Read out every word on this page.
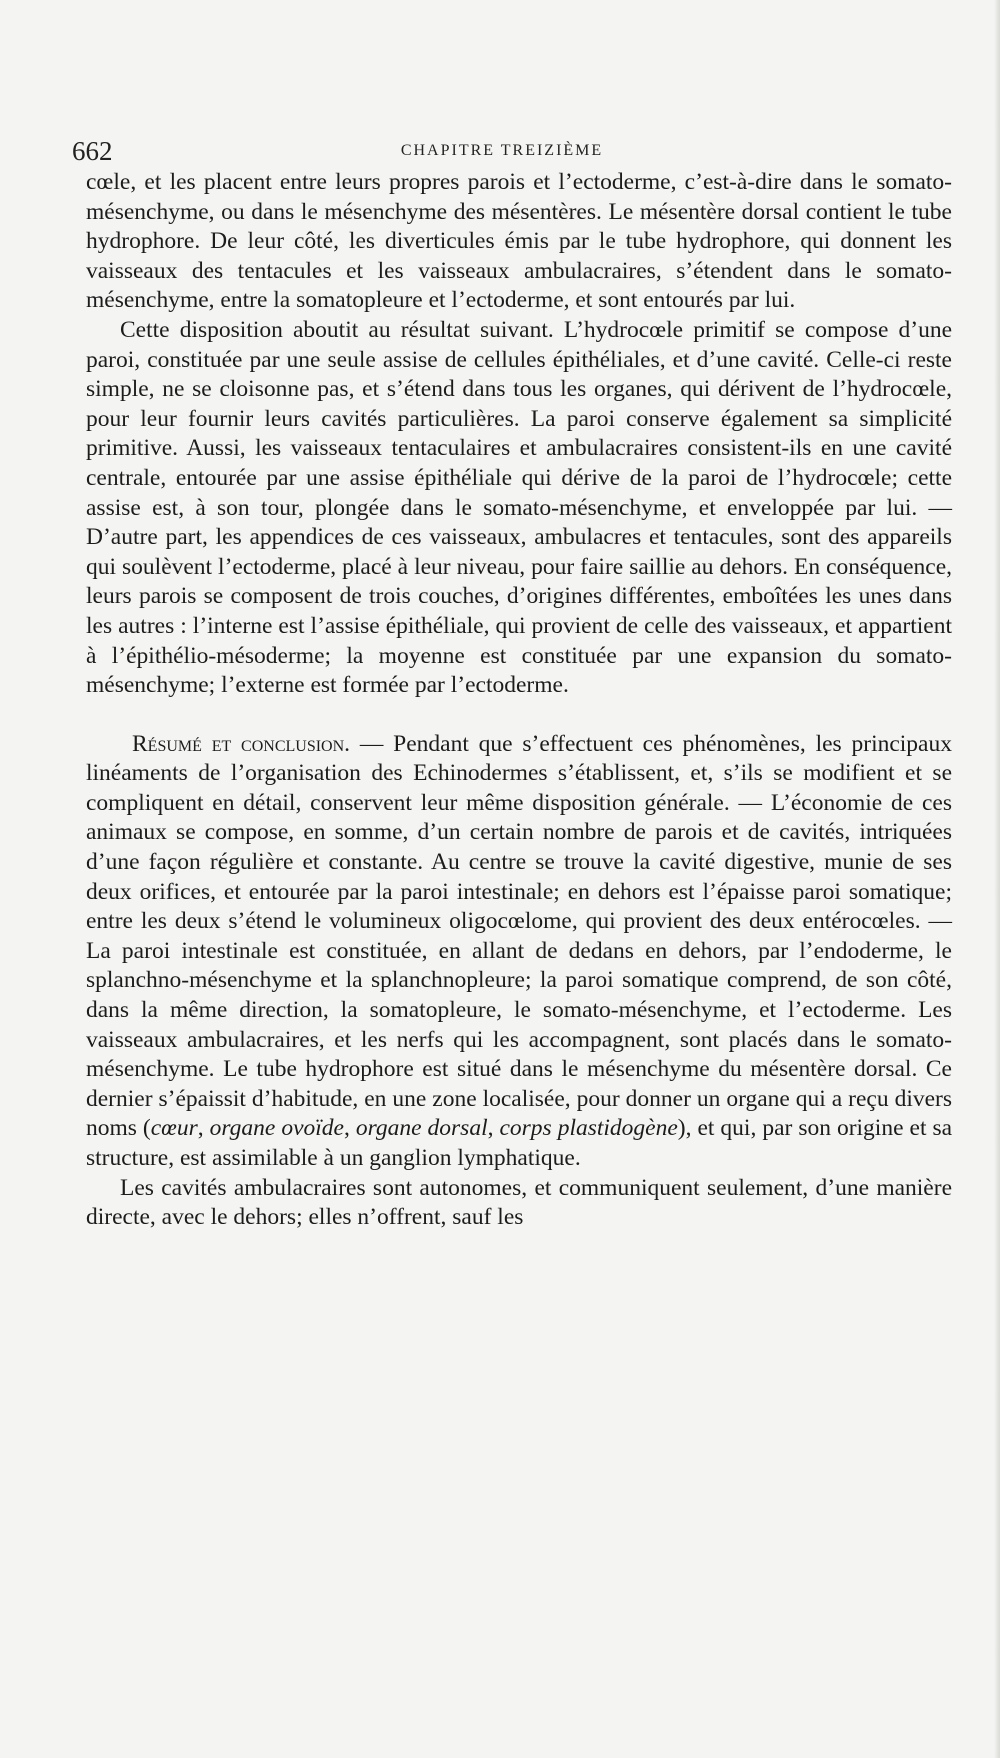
662	CHAPITRE TREIZIÈME

cœle, et les placent entre leurs propres parois et l’ectoderme, c’est-à-dire dans le somato-mésenchyme, ou dans le mésenchyme des mésentères. Le mésentère dorsal contient le tube hydrophore. De leur côté, les diverticules émis par le tube hydrophore, qui donnent les vaisseaux des tentacules et les vaisseaux ambulacraires, s’étendent dans le somato-mésenchyme, entre la somatopleure et l’ectoderme, et sont entourés par lui.

Cette disposition aboutit au résultat suivant. L’hydrocœle primitif se compose d’une paroi, constituée par une seule assise de cellules épithéliales, et d’une cavité. Celle-ci reste simple, ne se cloisonne pas, et s’étend dans tous les organes, qui dérivent de l’hydrocœle, pour leur fournir leurs cavités particulières. La paroi conserve également sa simplicité primitive. Aussi, les vaisseaux tentaculaires et ambulacraires consistent-ils en une cavité centrale, entourée par une assise épithéliale qui dérive de la paroi de l’hydrocœle; cette assise est, à son tour, plongée dans le somato-mésenchyme, et enveloppée par lui. — D’autre part, les appendices de ces vaisseaux, ambulacres et tentacules, sont des appareils qui soulèvent l’ectoderme, placé à leur niveau, pour faire saillie au dehors. En conséquence, leurs parois se composent de trois couches, d’origines différentes, emboîtées les unes dans les autres : l’interne est l’assise épithéliale, qui provient de celle des vaisseaux, et appartient à l’épithélio-mésoderme; la moyenne est constituée par une expansion du somato-mésenchyme; l’externe est formée par l’ectoderme.

Résumé et conclusion. — Pendant que s’effectuent ces phénomènes, les principaux linéaments de l’organisation des Echinodermes s’établissent, et, s’ils se modifient et se compliquent en détail, conservent leur même disposition générale. — L’économie de ces animaux se compose, en somme, d’un certain nombre de parois et de cavités, intriquées d’une façon régulière et constante. Au centre se trouve la cavité digestive, munie de ses deux orifices, et entourée par la paroi intestinale; en dehors est l’épaisse paroi somatique; entre les deux s’étend le volumineux oligocœlome, qui provient des deux entérocœles. — La paroi intestinale est constituée, en allant de dedans en dehors, par l’endoderme, le splanchno-mésenchyme et la splanchnopleure; la paroi somatique comprend, de son côté, dans la même direction, la somatopleure, le somato-mésenchyme, et l’ectoderme. Les vaisseaux ambulacraires, et les nerfs qui les accompagnent, sont placés dans le somato-mésenchyme. Le tube hydrophore est situé dans le mésenchyme du mésentère dorsal. Ce dernier s’épaissit d’habitude, en une zone localisée, pour donner un organe qui a reçu divers noms (cœur, organe ovoïde, organe dorsal, corps plastidogène), et qui, par son origine et sa structure, est assimilable à un ganglion lymphatique.

Les cavités ambulacraires sont autonomes, et communiquent seulement, d’une manière directe, avec le dehors; elles n’offrent, sauf les
